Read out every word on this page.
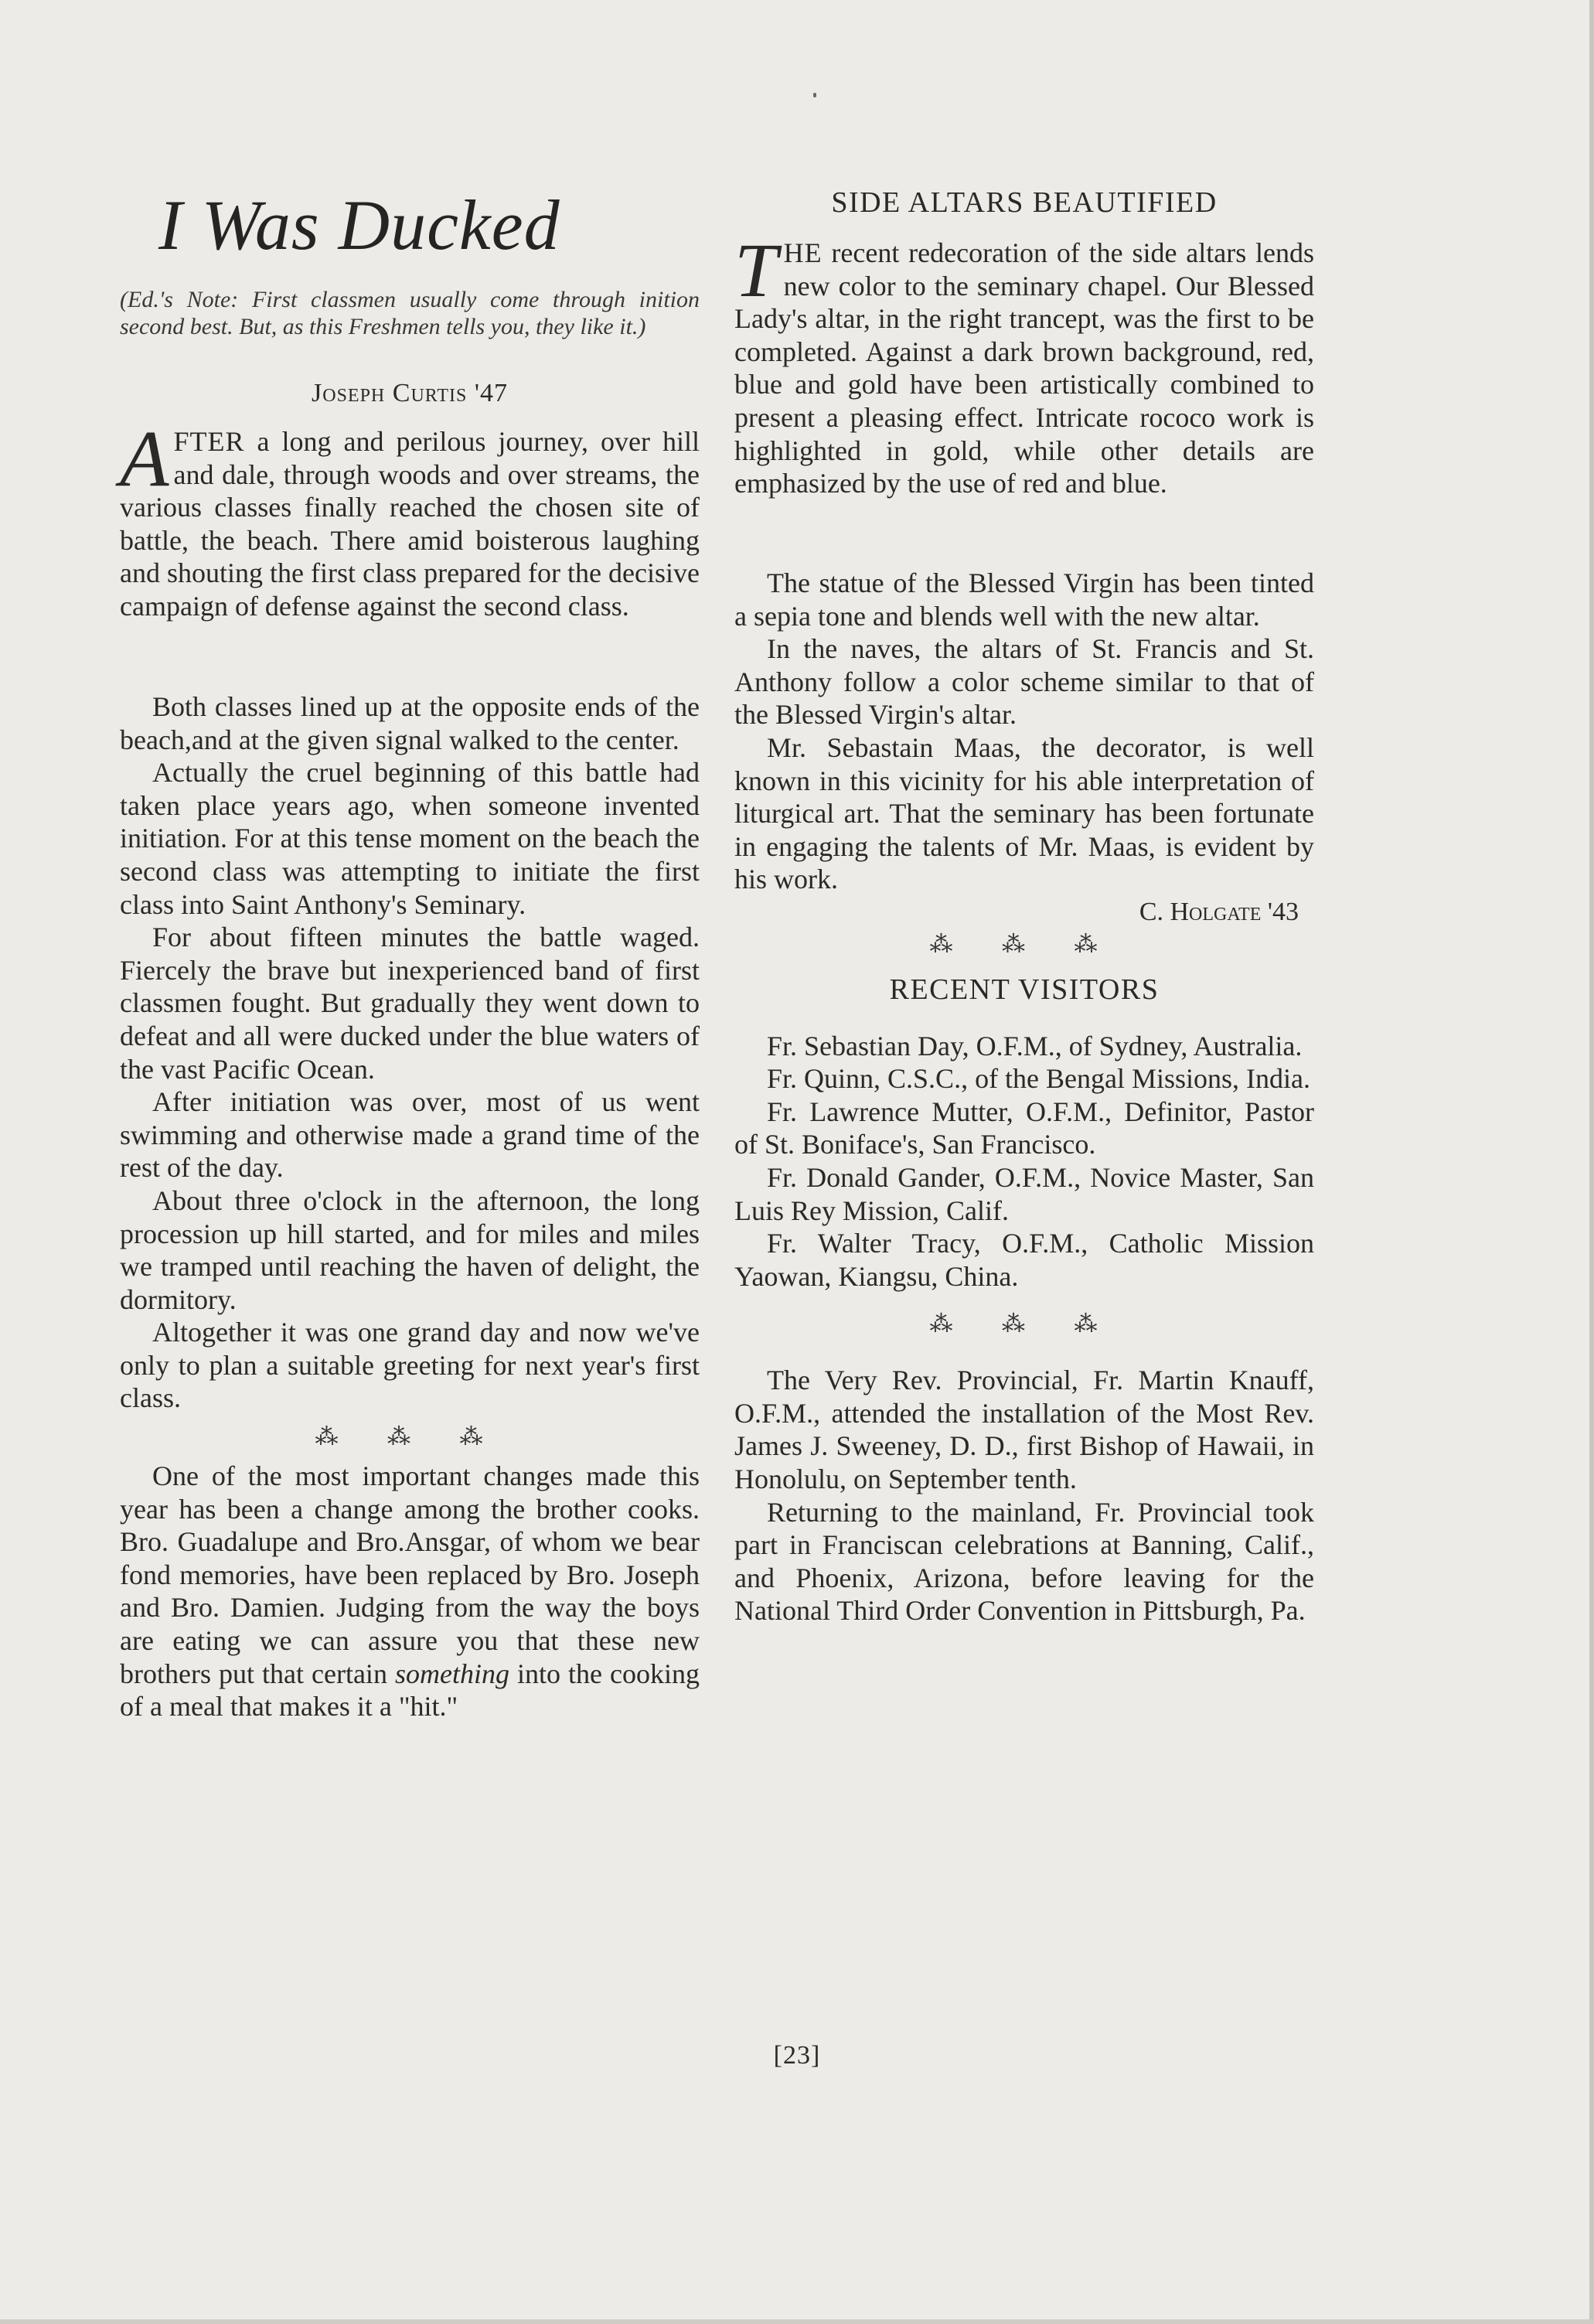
I Was Ducked
(Ed.'s Note: First classmen usually come through inition second best. But, as this Freshmen tells you, they like it.)
Joseph Curtis '47
AFTER a long and perilous journey, over hill and dale, through woods and over streams, the various classes finally reached the chosen site of battle, the beach. There amid boisterous laughing and shouting the first class prepared for the decisive campaign of defense against the second class.

Both classes lined up at the opposite ends of the beach,and at the given signal walked to the center.

Actually the cruel beginning of this battle had taken place years ago, when someone invented initiation. For at this tense moment on the beach the second class was attempting to initiate the first class into Saint Anthony's Seminary.

For about fifteen minutes the battle waged. Fiercely the brave but inexperienced band of first classmen fought. But gradually they went down to defeat and all were ducked under the blue waters of the vast Pacific Ocean.

After initiation was over, most of us went swimming and otherwise made a grand time of the rest of the day.

About three o'clock in the afternoon, the long procession up hill started, and for miles and miles we tramped until reaching the haven of delight, the dormitory.

Altogether it was one grand day and now we've only to plan a suitable greeting for next year's first class.

⁂ ⁂ ⁂

One of the most important changes made this year has been a change among the brother cooks. Bro. Guadalupe and Bro.Ansgar, of whom we bear fond memories, have been replaced by Bro. Joseph and Bro. Damien. Judging from the way the boys are eating we can assure you that these new brothers put that certain something into the cooking of a meal that makes it a "hit."

SIDE ALTARS BEAUTIFIED
THE recent redecoration of the side altars lends new color to the seminary chapel. Our Blessed Lady's altar, in the right trancept, was the first to be completed. Against a dark brown background, red, blue and gold have been artistically combined to present a pleasing effect. Intricate rococo work is highlighted in gold, while other details are emphasized by the use of red and blue.

The statue of the Blessed Virgin has been tinted a sepia tone and blends well with the new altar.

In the naves, the altars of St. Francis and St. Anthony follow a color scheme similar to that of the Blessed Virgin's altar.

Mr. Sebastain Maas, the decorator, is well known in this vicinity for his able interpretation of liturgical art. That the seminary has been fortunate in engaging the talents of Mr. Maas, is evident by his work.

C. Holgate '43

⁂ ⁂ ⁂

RECENT VISITORS

Fr. Sebastian Day, O.F.M., of Sydney, Australia.

Fr. Quinn, C.S.C., of the Bengal Missions, India.

Fr. Lawrence Mutter, O.F.M., Definitor, Pastor of St. Boniface's, San Francisco.

Fr. Donald Gander, O.F.M., Novice Master, San Luis Rey Mission, Calif.

Fr. Walter Tracy, O.F.M., Catholic Mission Yaowan, Kiangsu, China.

⁂ ⁂ ⁂

The Very Rev. Provincial, Fr. Martin Knauff, O.F.M., attended the installation of the Most Rev. James J. Sweeney, D. D., first Bishop of Hawaii, in Honolulu, on September tenth.

Returning to the mainland, Fr. Provincial took part in Franciscan celebrations at Banning, Calif., and Phoenix, Arizona, before leaving for the National Third Order Convention in Pittsburgh, Pa.

[23]
